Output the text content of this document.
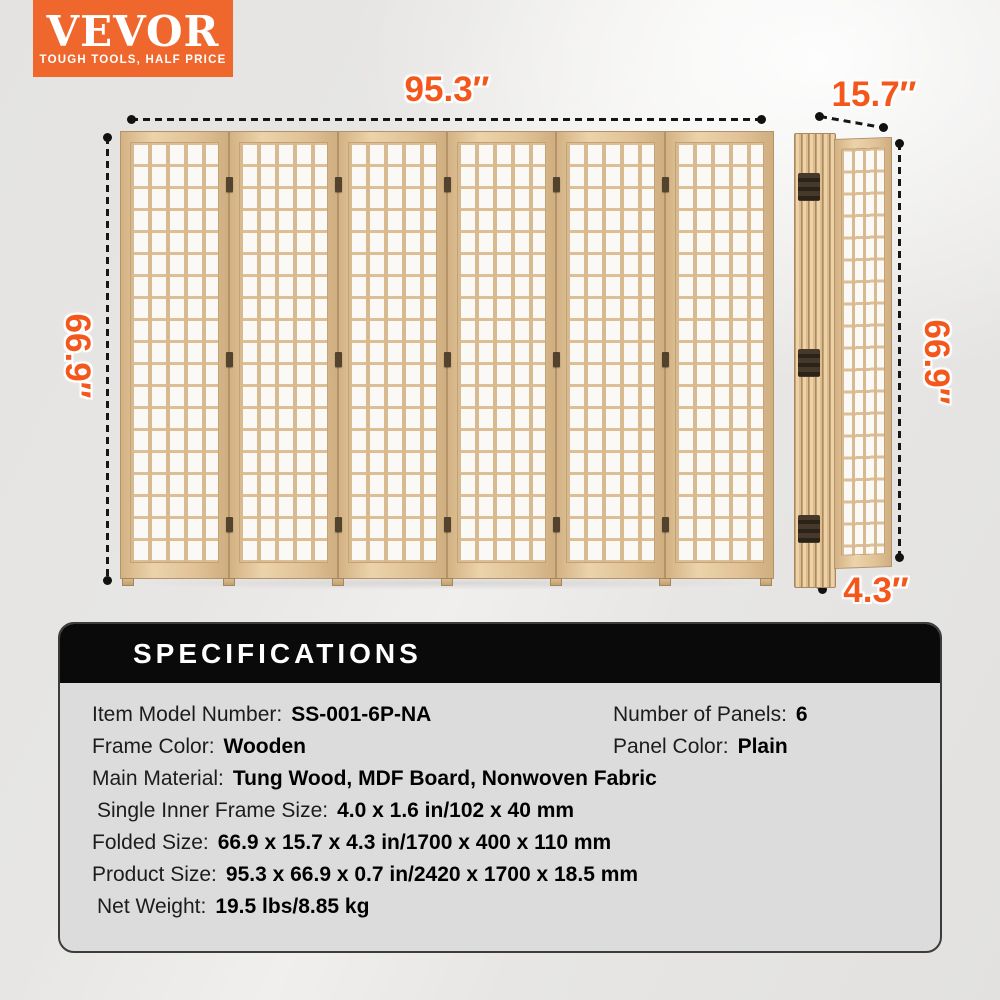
VEVOR
TOUGH TOOLS, HALF PRICE
95.3″
66.9″
15.7″
66.9″
4.3″
SPECIFICATIONS
Item Model Number: SS-001-6P-NA	Number of Panels: 6
Frame Color: Wooden	Panel Color: Plain
Main Material: Tung Wood, MDF Board, Nonwoven Fabric
Single Inner Frame Size: 4.0 x 1.6 in/102 x 40 mm
Folded Size: 66.9 x 15.7 x 4.3 in/1700 x 400 x 110 mm
Product Size: 95.3 x 66.9 x 0.7 in/2420 x 1700 x 18.5 mm
Net Weight: 19.5 lbs/8.85 kg
